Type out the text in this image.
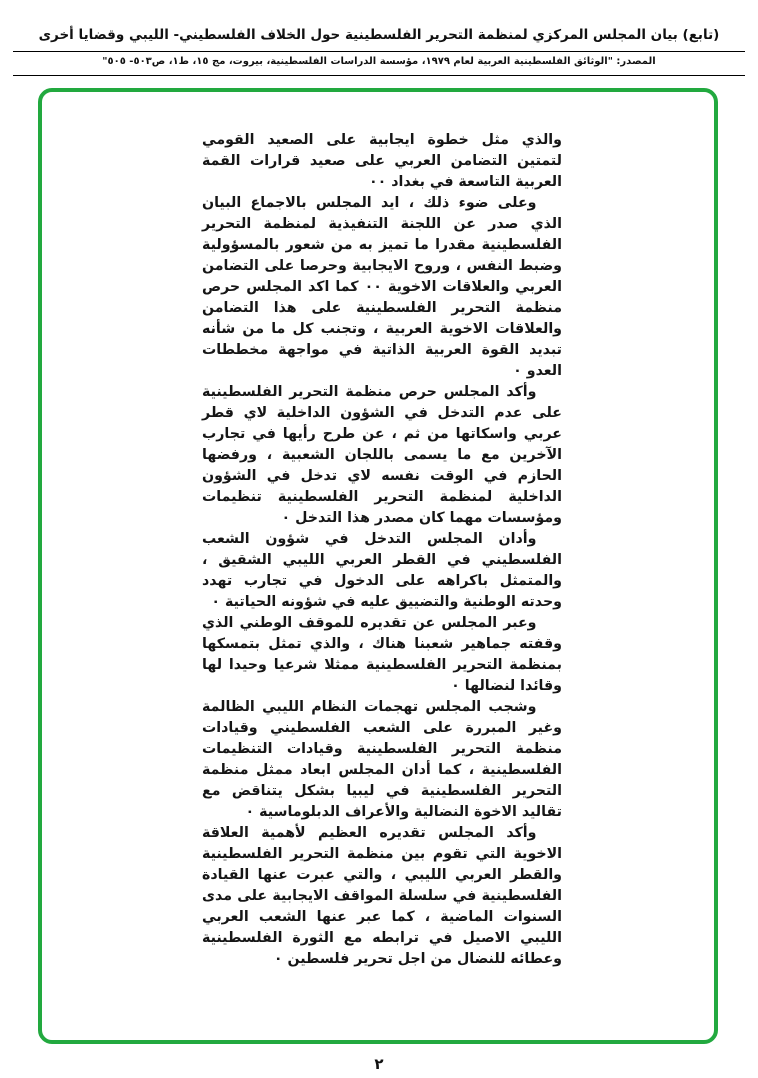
(تابع) بيان المجلس المركزي لمنظمة التحرير الفلسطينية حول الخلاف الفلسطيني- الليبي وقضايا أخرى
المصدر: "الوثائق الفلسطينية العربية لعام ١٩٧٩، مؤسسة الدراسات الفلسطينية، بيروت، مج ١٥، ط١، ص٥٠٣- ٥٠٥"

والذي مثل خطوة ايجابية على الصعيد القومي لتمتين التضامن العربي على صعيد قرارات القمة العربية التاسعة في بغداد ٠٠

وعلى ضوء ذلك ، ايد المجلس بالاجماع البيان الذي صدر عن اللجنة التنفيذية لمنظمة التحرير الفلسطينية مقدرا ما تميز به من شعور بالمسؤولية وضبط النفس ، وروح الايجابية وحرصا على التضامن العربي والعلاقات الاخوية ٠٠ كما اكد المجلس حرص منظمة التحرير الفلسطينية على هذا التضامن والعلاقات الاخوية العربية ، وتجنب كل ما من شأنه تبديد القوة العربية الذاتية في مواجهة مخططات العدو ٠

وأكد المجلس حرص منظمة التحرير الفلسطينية على عدم التدخل في الشؤون الداخلية لاي قطر عربي واسكاتها من ثم ، عن طرح رأيها في تجارب الآخرين مع ما يسمى باللجان الشعبية ، ورفضها الحازم في الوقت نفسه لاي تدخل في الشؤون الداخلية لمنظمة التحرير الفلسطينية تنظيمات ومؤسسات مهما كان مصدر هذا التدخل ٠

وأدان المجلس التدخل في شؤون الشعب الفلسطيني في القطر العربي الليبي الشقيق ، والمتمثل باكراهه على الدخول في تجارب تهدد وحدته الوطنية والتضييق عليه في شؤونه الحياتية ٠

وعبر المجلس عن تقديره للموقف الوطني الذي وقفته جماهير شعبنا هناك ، والذي تمثل بتمسكها بمنظمة التحرير الفلسطينية ممثلا شرعيا وحيدا لها وقائدا لنضالها ٠

وشجب المجلس تهجمات النظام الليبي الظالمة وغير المبررة على الشعب الفلسطيني وقيادات منظمة التحرير الفلسطينية وقيادات التنظيمات الفلسطينية ، كما أدان المجلس ابعاد ممثل منظمة التحرير الفلسطينية في ليبيا بشكل يتناقض مع تقاليد الاخوة النضالية والأعراف الدبلوماسية ٠

وأكد المجلس تقديره العظيم لأهمية العلاقة الاخوية التي تقوم بين منظمة التحرير الفلسطينية والقطر العربي الليبي ، والتي عبرت عنها القيادة الفلسطينية في سلسلة المواقف الايجابية على مدى السنوات الماضية ، كما عبر عنها الشعب العربي الليبي الاصيل في ترابطه مع الثورة الفلسطينية وعطائه للنضال من اجل تحرير فلسطين ٠

٢
